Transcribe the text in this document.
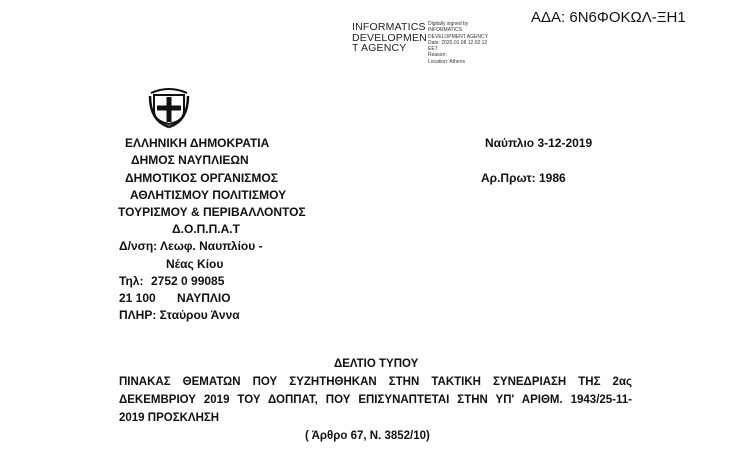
INFORMATICS
DEVELOPMEN
T AGENCY
Digitally signed by
INFORMATICS
DEVELOPMENT AGENCY
Date: 2020.01.08 12:02:12
EET
Reason:
Location: Athens
ΑΔΑ: 6Ν6ΦΟΚΩΛ-ΞΗ1
ΕΛΛΗΝΙΚΗ ΔΗΜΟΚΡΑΤΙΑ
ΔΗΜΟΣ ΝΑΥΠΛΙΕΩΝ
ΔΗΜΟΤΙΚΟΣ ΟΡΓΑΝΙΣΜΟΣ
ΑΘΛΗΤΙΣΜΟΥ ΠΟΛΙΤΙΣΜΟΥ
ΤΟΥΡΙΣΜΟΥ & ΠΕΡΙΒΑΛΛΟΝΤΟΣ
Δ.Ο.Π.Π.Α.Τ
Δ/νση: Λεωφ. Ναυπλίου -
Νέας Κίου
Τηλ: 2752 0 99085
21 100 ΝΑΥΠΛΙΟ
ΠΛΗΡ: Σταύρου Άννα
Ναύπλιο 3-12-2019
Αρ.Πρωτ: 1986
ΔΕΛΤΙΟ ΤΥΠΟΥ
ΠΙΝΑΚΑΣ ΘΕΜΑΤΩΝ ΠΟΥ ΣΥΖΗΤΗΘΗΚΑΝ ΣΤΗΝ ΤΑΚΤΙΚΗ ΣΥΝΕΔΡΙΑΣΗ ΤΗΣ 2ας
ΔΕΚΕΜΒΡΙΟΥ 2019 ΤΟΥ ΔΟΠΠΑΤ, ΠΟΥ ΕΠΙΣΥΝΑΠΤΕΤΑΙ ΣΤΗΝ ΥΠ' ΑΡΙΘΜ. 1943/25-11-
2019 ΠΡΟΣΚΛΗΣΗ
( Άρθρο 67, Ν. 3852/10)
